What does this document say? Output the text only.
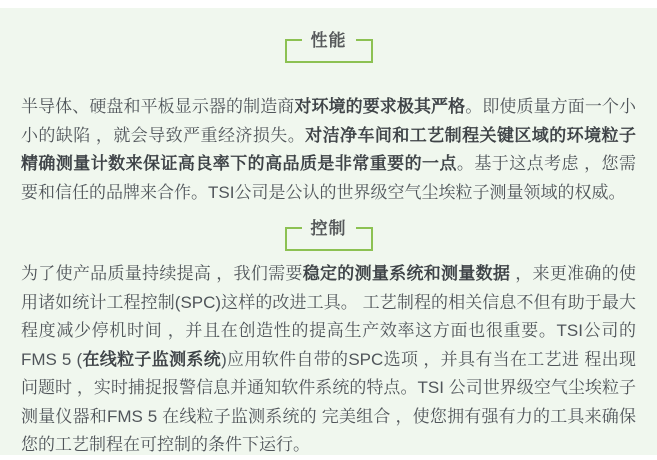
性能

半导体、硬盘和平板显示器的制造商对环境的要求极其严格。即使质量方面一个小小的缺陷 ，就会导致严重经济损失。对洁净车间和工艺制程关键区域的环境粒子精确测量计数来保证高良率下的高品质是非常重要的一点。基于这点考虑 ，您需要和信任的品牌来合作。TSI公司是公认的世界级空气尘埃粒子测量领域的权威。

控制

为了使产品质量持续提高 ，我们需要稳定的测量系统和测量数据 ，来更准确的使用诸如统计工程控制(SPC)这样的改进工具。 工艺制程的相关信息不但有助于最大程度减少停机时间 ，并且在创造性的提高生产效率这方面也很重要。TSI公司的FMS 5 (在线粒子监测系统)应用软件自带的SPC选项 ，并具有当在工艺进 程出现问题时 ，实时捕捉报警信息并通知软件系统的特点。TSI 公司世界级空气尘埃粒子测量仪器和FMS 5 在线粒子监测系统的 完美组合 ，使您拥有强有力的工具来确保您的工艺制程在可控制的条件下运行。
